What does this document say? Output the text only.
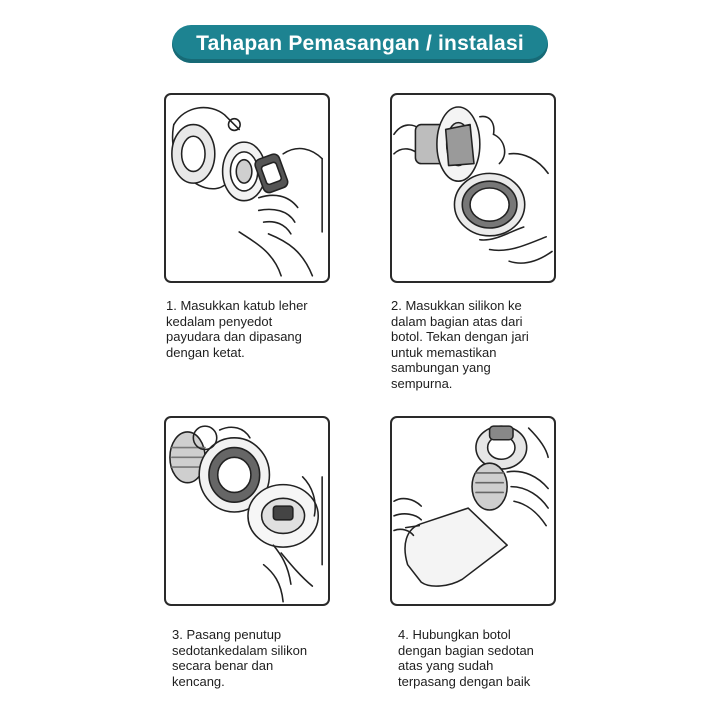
Tahapan Pemasangan / instalasi
1. Masukkan katub leher
kedalam penyedot
payudara dan dipasang
dengan ketat.
2. Masukkan silikon ke
dalam bagian atas dari
botol. Tekan dengan jari
untuk memastikan
sambungan yang
sempurna.
3. Pasang penutup
sedotankedalam silikon
secara benar dan
kencang.
4. Hubungkan botol
dengan bagian sedotan
atas yang sudah
terpasang dengan baik
